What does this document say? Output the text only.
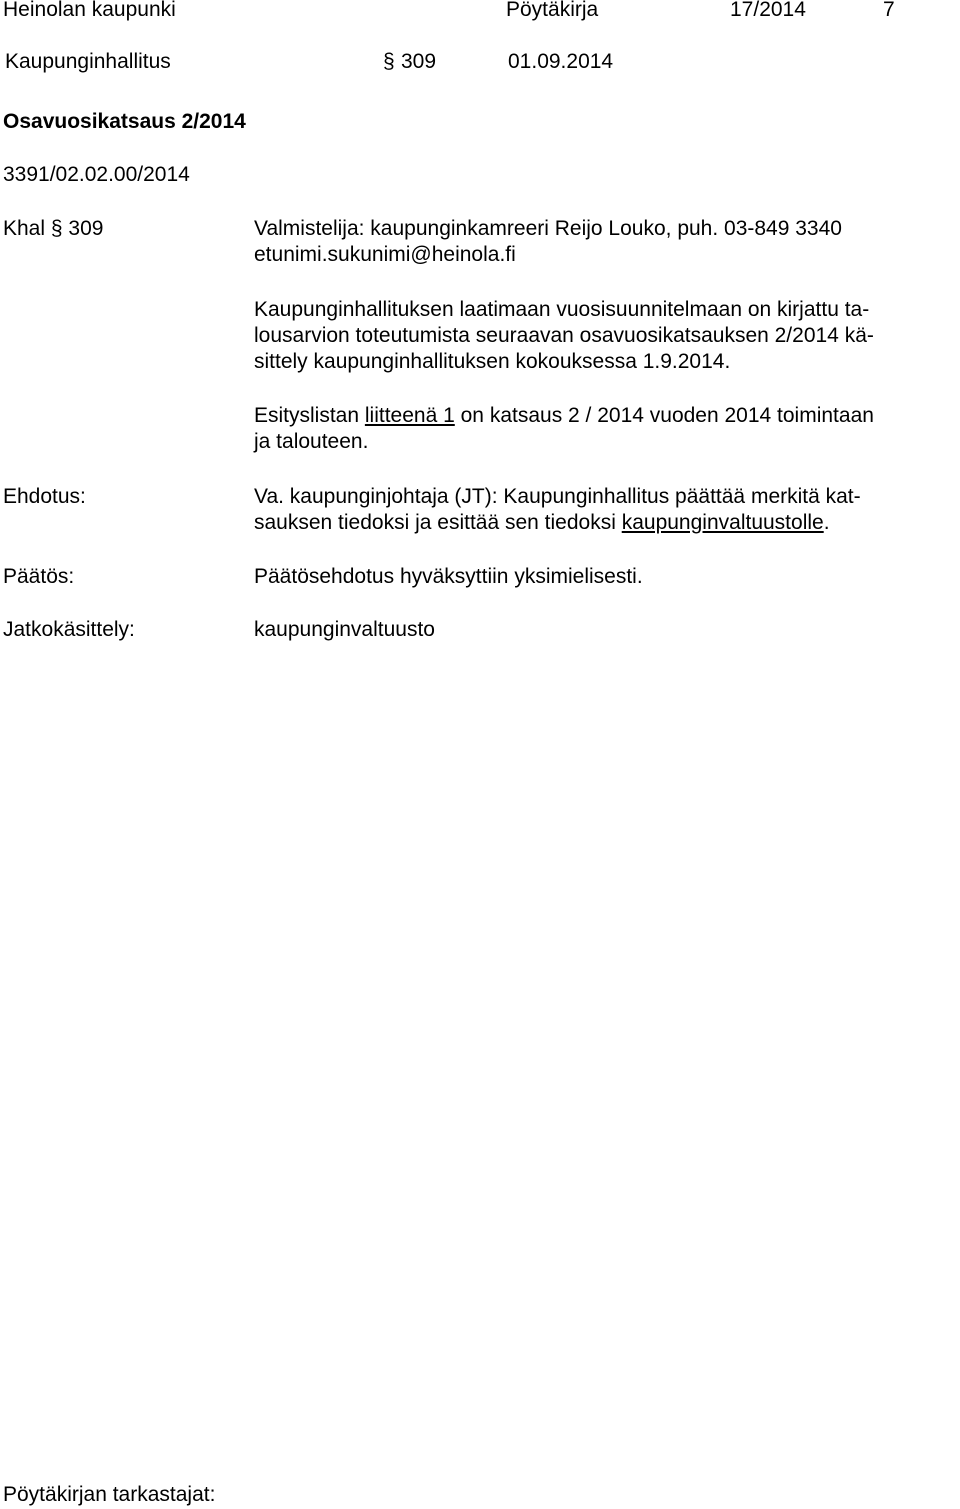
Heinolan kaupunki	Pöytäkirja	17/2014	7
Kaupunginhallitus	§ 309	01.09.2014
Osavuosikatsaus 2/2014
3391/02.02.00/2014
Khal § 309	Valmistelija: kaupunginkamreeri Reijo Louko, puh. 03-849 3340
etunimi.sukunimi@heinola.fi
Kaupunginhallituksen laatimaan vuosisuunnitelmaan on kirjattu ta-
lousarvion toteutumista seuraavan osavuosikatsauksen 2/2014 kä-
sittely kaupunginhallituksen kokouksessa 1.9.2014.
Esityslistan liitteenä 1 on katsaus 2 / 2014 vuoden 2014 toimintaan
ja talouteen.
Ehdotus:	Va. kaupunginjohtaja (JT): Kaupunginhallitus päättää merkitä kat-
sauksen tiedoksi ja esittää sen tiedoksi kaupunginvaltuustolle.
Päätös:	Päätösehdotus hyväksyttiin yksimielisesti.
Jatkokäsittely:	kaupunginvaltuusto
Pöytäkirjan tarkastajat:
